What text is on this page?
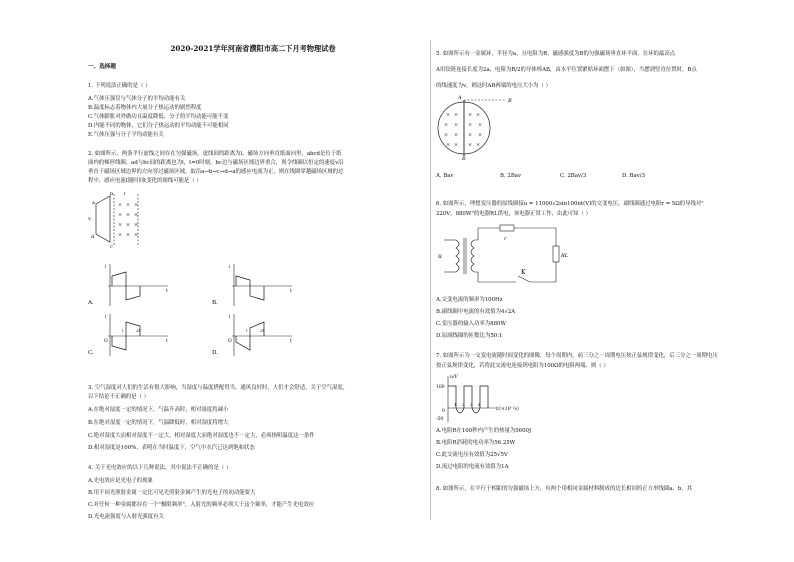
2020-2021学年河南省濮阳市高二下月考物理试卷
一、选择题
1. 下列说法正确的是（ ）
A.气体压强仅与气体分子的平均动能有关
B.温度标志着物体内大量分子热运动的剧烈程度
C.气体膨胀对外做功且温度降低，分子的平均动能可能不变
D.内能不同的物体，它们分子热运动的平均动能不可能相同
E.气体压强与分子平均动能有关
2. 如图所示，两条平行虚线之间存在匀强磁场，虚线间的距离为l，磁场方向垂直纸面向里，abcd是位于纸
面内的梯形线圈，ad与bc间的距离也为l，t=0时刻，bc边与磁场区域边界重合，现令线圈以恒定的速度v沿
垂直于磁场区域边界的方向穿过磁场区域，取沿a→b→c→d→a的感应电流为正，则在线圈穿越磁场区域的过
程中，感应电流I随时间t变化的图线可能是（ ）
a
b
c
d
l
v
× × ×
× × ×
× × ×
× × ×
A.
i
t
B.
i
t
C.
i
t
O
l	2l
D.
i
t
O
l	2l
3. 空气湿度对人们的生活有很大影响，当湿度与温度搭配得当，通风良好时，人们才会舒适，关于空气湿度，
以下结论不正确的是（ ）
A.在绝对湿度一定的情况下，气温升高时，相对湿度将减小
B.在绝对湿度一定的情况下，气温降低时，相对湿度将增大
C.绝对湿度大而相对湿度不一定大，相对湿度大而绝对湿度也不一定大，必须指明温度这一条件
D.相对湿度是100%，表明在当时温度下，空气中水汽已达到饱和状态
4. 关于光电效应的以下几种说法，其中说法不正确的是（ ）
A.光电效应是光电子的现象
B.用不同光照射金属一定比可见光照射金属产生的光电子的初动能要大
C.对任何一种金属都存在一个"极限频率"，入射光的频率必须大于这个频率，才能产生光电效应
D.光电流强度与入射光强度有关
5. 如图所示有一金属环，半径为a，且电阻为R。磁感强度为B的匀强磁场垂直环平面，在环的最高点
A用铰链连接长度为2a，电阻为R/2的导体棒AB，由水平位置紧贴环面摆下（如图），当摆到竖直位置时，B点
的线速度为v，则这时AB两端的电压大小为（ ）
A	B
B
× × × ×
× × × ×
× × × ×
× × × ×
A. Bav	B. 2Bav	C. 2Bav/3	D. Bav/3
6. 如图所示，理想变压器的原线圈接u = 11000√2sin100πt(V)的交变电压，副线圈通过电阻r = 5Ω的导线对"
220V，880W"的电器RL供电，该电器正常工作，由此可知（ ）
u
r
RL
K
A.交变电流的频率为100Hz
B.副线圈中电流的有效值为4√2A
C.变压器的输入功率为880W
D.原副线圈的匝数比为50:1
7. 如图所示为一交变电流随时间变化的图像，每个周期内，前三分之一周期电压按正弦规律变化，后三分之一周期电压
按正弦规律变化，若将此交流电连接到电阻为100Ω的电阻两端，则（ ）
u/V
100
-50
0
1 2 3 4
t/(×10⁻²s)
A.电阻R在100秒内产生的热量为5600J
B.电阻R消耗的电功率为56.25W
C.此交流电压有效值为25√5V
D.流过电阻的电流有效值为1A
8. 如图所示，在平行于相距的匀强磁场上方，有两个用相同金属材料制成的边长相同的正方形线圈a、b，其
